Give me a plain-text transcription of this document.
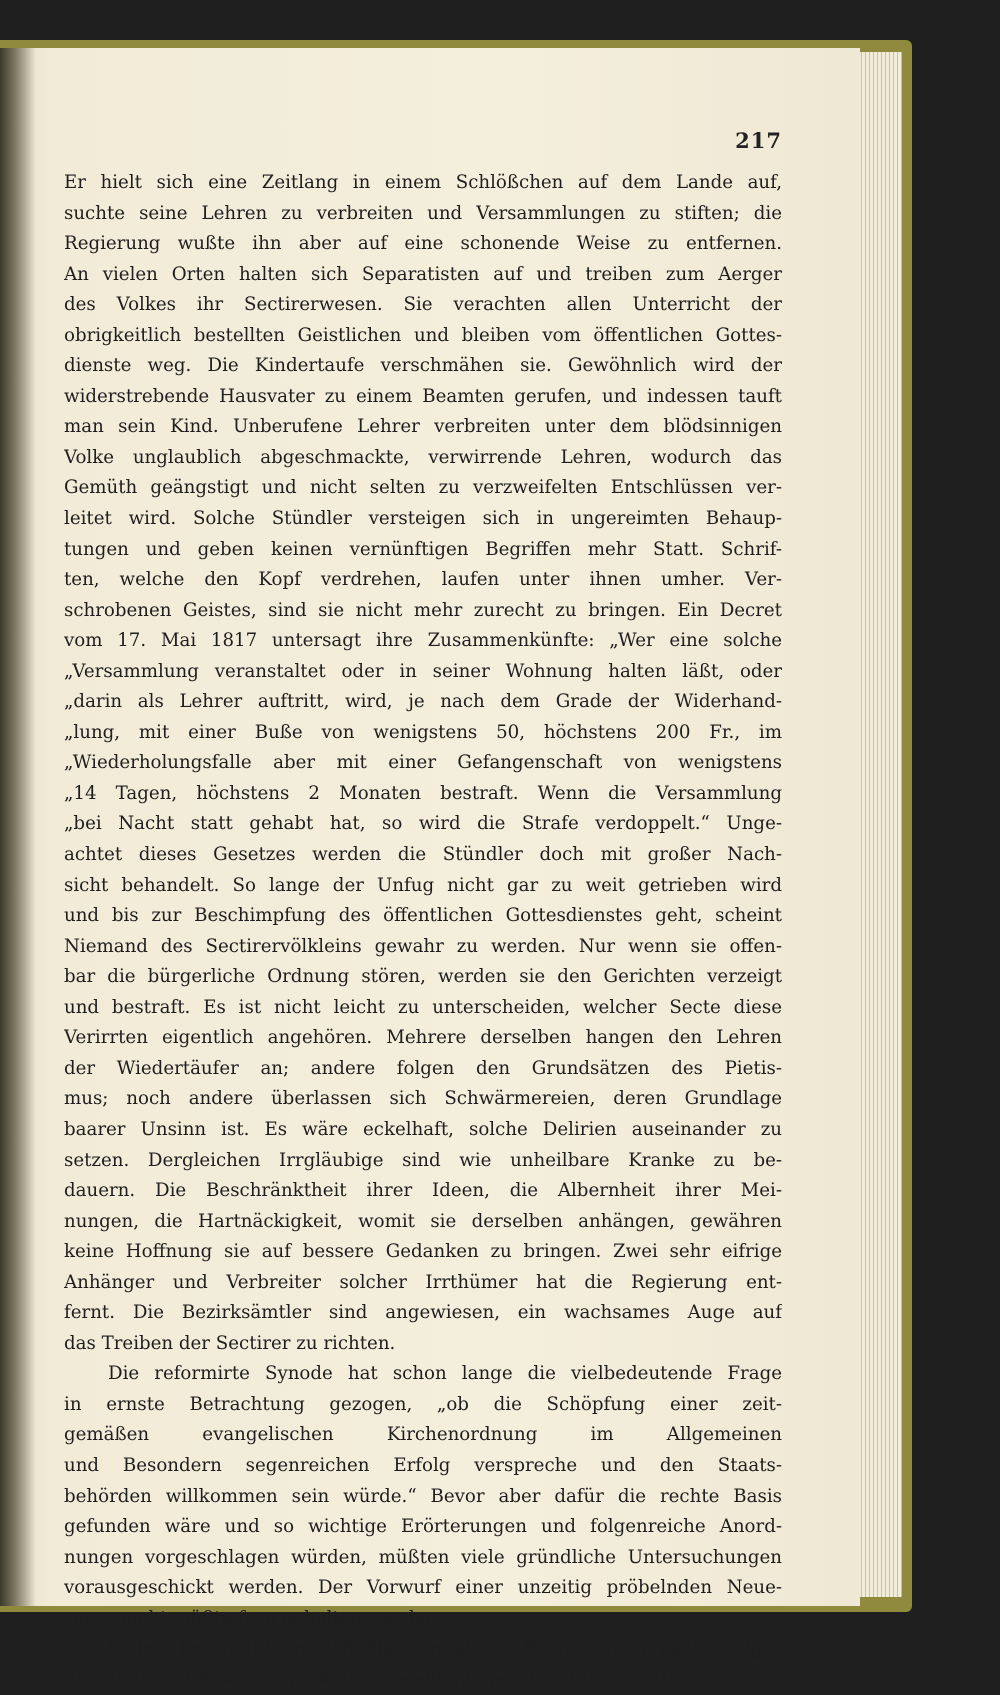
217

Er hielt sich eine Zeitlang in einem Schlößchen auf dem Lande auf,
suchte seine Lehren zu verbreiten und Versammlungen zu stiften; die
Regierung wußte ihn aber auf eine schonende Weise zu entfernen.
An vielen Orten halten sich Separatisten auf und treiben zum Aerger
des Volkes ihr Sectirerwesen. Sie verachten allen Unterricht der
obrigkeitlich bestellten Geistlichen und bleiben vom öffentlichen Gottes-
dienste weg. Die Kindertaufe verschmähen sie. Gewöhnlich wird der
widerstrebende Hausvater zu einem Beamten gerufen, und indessen tauft
man sein Kind. Unberufene Lehrer verbreiten unter dem blödsinnigen
Volke unglaublich abgeschmackte, verwirrende Lehren, wodurch das
Gemüth geängstigt und nicht selten zu verzweifelten Entschlüssen ver-
leitet wird. Solche Stündler versteigen sich in ungereimten Behaup-
tungen und geben keinen vernünftigen Begriffen mehr Statt. Schrif-
ten, welche den Kopf verdrehen, laufen unter ihnen umher. Ver-
schrobenen Geistes, sind sie nicht mehr zurecht zu bringen. Ein Decret
vom 17. Mai 1817 untersagt ihre Zusammenkünfte: „Wer eine solche
„Versammlung veranstaltet oder in seiner Wohnung halten läßt, oder
„darin als Lehrer auftritt, wird, je nach dem Grade der Widerhand-
„lung, mit einer Buße von wenigstens 50, höchstens 200 Fr., im
„Wiederholungsfalle aber mit einer Gefangenschaft von wenigstens
„14 Tagen, höchstens 2 Monaten bestraft. Wenn die Versammlung
„bei Nacht statt gehabt hat, so wird die Strafe verdoppelt.“ Unge-
achtet dieses Gesetzes werden die Stündler doch mit großer Nach-
sicht behandelt. So lange der Unfug nicht gar zu weit getrieben wird
und bis zur Beschimpfung des öffentlichen Gottesdienstes geht, scheint
Niemand des Sectirervölkleins gewahr zu werden. Nur wenn sie offen-
bar die bürgerliche Ordnung stören, werden sie den Gerichten verzeigt
und bestraft. Es ist nicht leicht zu unterscheiden, welcher Secte diese
Verirrten eigentlich angehören. Mehrere derselben hangen den Lehren
der Wiedertäufer an; andere folgen den Grundsätzen des Pietis-
mus; noch andere überlassen sich Schwärmereien, deren Grundlage
baarer Unsinn ist. Es wäre eckelhaft, solche Delirien auseinander zu
setzen. Dergleichen Irrgläubige sind wie unheilbare Kranke zu be-
dauern. Die Beschränktheit ihrer Ideen, die Albernheit ihrer Mei-
nungen, die Hartnäckigkeit, womit sie derselben anhängen, gewähren
keine Hoffnung sie auf bessere Gedanken zu bringen. Zwei sehr eifrige
Anhänger und Verbreiter solcher Irrthümer hat die Regierung ent-
fernt. Die Bezirksämtler sind angewiesen, ein wachsames Auge auf
das Treiben der Sectirer zu richten.

Die reformirte Synode hat schon lange die vielbedeutende Frage
in ernste Betrachtung gezogen, „ob die Schöpfung einer zeit-
gemäßen evangelischen Kirchenordnung im Allgemeinen
und Besondern segenreichen Erfolg verspreche und den Staats-
behörden willkommen sein würde.“ Bevor aber dafür die rechte Basis
gefunden wäre und so wichtige Erörterungen und folgenreiche Anord-
nungen vorgeschlagen würden, müßten viele gründliche Untersuchungen
vorausgeschickt werden. Der Vorwurf einer unzeitig pröbelnden Neue-
rungssucht müßte fern gehalten werden.

Lieber beschränkten sich die Capitel auf Wegräumung nachtheiliger
Anstände und Erwirkung nöthiger Bewilligungen. Der Kirchenrath
